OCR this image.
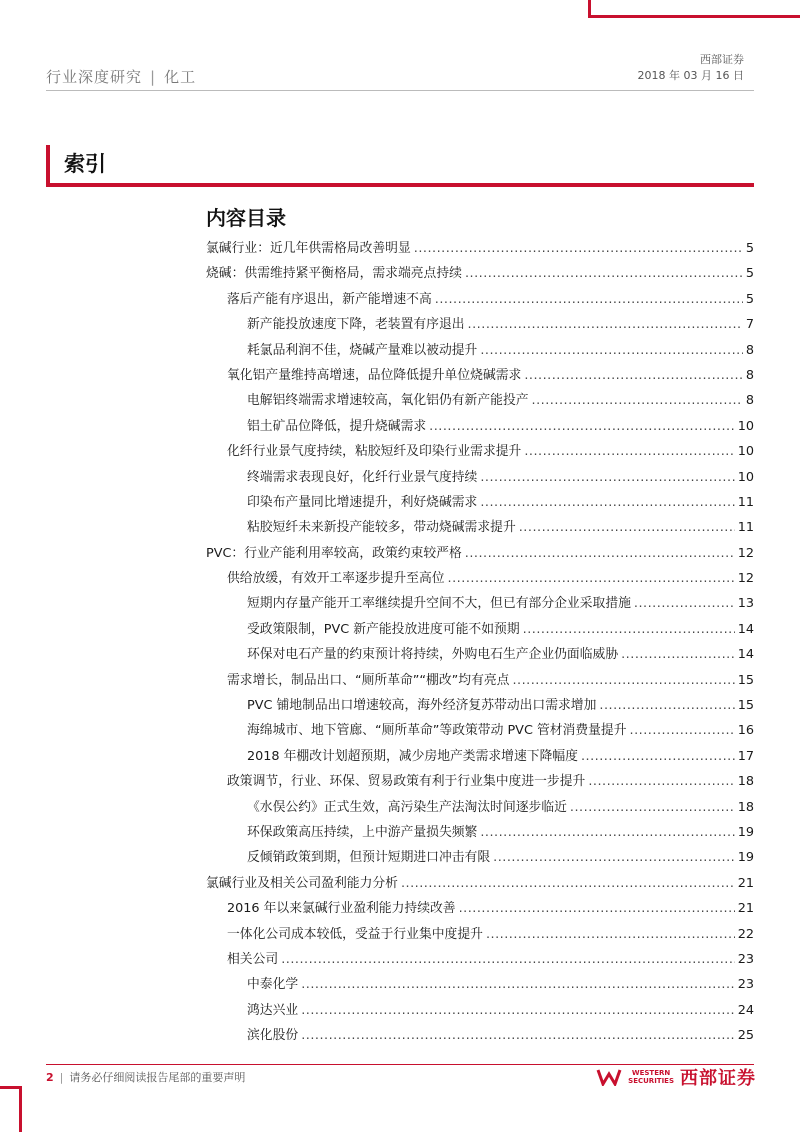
行业深度研究 | 化工
西部证券
2018 年 03 月 16 日
索引
内容目录
氯碱行业：近几年供需格局改善明显 .....	5
烧碱：供需维持紧平衡格局，需求端亮点持续 .....	5
落后产能有序退出，新产能增速不高 .....	5
新产能投放速度下降，老装置有序退出 .....	7
耗氯品利润不佳，烧碱产量难以被动提升 .....	8
氧化铝产量维持高增速，品位降低提升单位烧碱需求 .....	8
电解铝终端需求增速较高，氧化铝仍有新产能投产 .....	8
铝土矿品位降低，提升烧碱需求 .....	10
化纤行业景气度持续，粘胶短纤及印染行业需求提升 .....	10
终端需求表现良好，化纤行业景气度持续 .....	10
印染布产量同比增速提升，利好烧碱需求 .....	11
粘胶短纤未来新投产能较多，带动烧碱需求提升 .....	11
PVC：行业产能利用率较高，政策约束较严格 .....	12
供给放缓，有效开工率逐步提升至高位 .....	12
短期内存量产能开工率继续提升空间不大，但已有部分企业采取措施 .....	13
受政策限制，PVC 新产能投放进度可能不如预期 .....	14
环保对电石产量的约束预计将持续，外购电石生产企业仍面临威胁 .....	14
需求增长，制品出口、“厕所革命”“棚改”均有亮点 .....	15
PVC 铺地制品出口增速较高，海外经济复苏带动出口需求增加 .....	15
海绵城市、地下管廊、“厕所革命”等政策带动 PVC 管材消费量提升 .....	16
2018 年棚改计划超预期，减少房地产类需求增速下降幅度 .....	17
政策调节，行业、环保、贸易政策有利于行业集中度进一步提升 .....	18
《水俣公约》正式生效，高污染生产法淘汰时间逐步临近 .....	18
环保政策高压持续，上中游产量损失频繁 .....	19
反倾销政策到期，但预计短期进口冲击有限 .....	19
氯碱行业及相关公司盈利能力分析 .....	21
2016 年以来氯碱行业盈利能力持续改善 .....	21
一体化公司成本较低，受益于行业集中度提升 .....	22
相关公司 .....	23
中泰化学 .....	23
鸿达兴业 .....	24
滨化股份 .....	25
2 | 请务必仔细阅读报告尾部的重要声明	WESTERN
SECURITIES 西部证券
